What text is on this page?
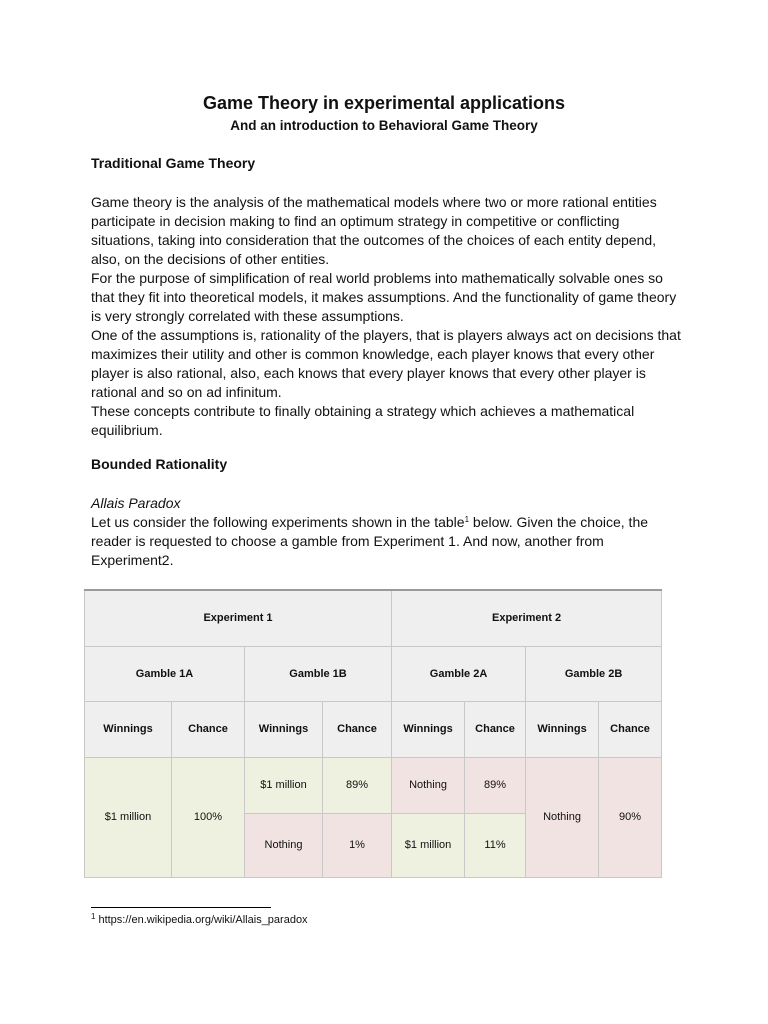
Game Theory in experimental applications
And an introduction to Behavioral Game Theory
Traditional Game Theory

Game theory is the analysis of the mathematical models where two or more rational entities participate in decision making to find an optimum strategy in competitive or conflicting situations, taking into consideration that the outcomes of the choices of each entity depend, also, on the decisions of other entities.

For the purpose of simplification of real world problems into mathematically solvable ones so that they fit into theoretical models, it makes assumptions. And the functionality of game theory is very strongly correlated with these assumptions.

One of the assumptions is, rationality of the players, that is players always act on decisions that maximizes their utility and other is common knowledge, each player knows that every other player is also rational, also, each knows that every player knows that every other player is rational and so on ad infinitum.

These concepts contribute to finally obtaining a strategy which achieves a mathematical equilibrium.

Bounded Rationality

Allais Paradox

Let us consider the following experiments shown in the table$^1$ below. Given the choice, the reader is requested to choose a gamble from Experiment 1. And now, another from Experiment2.

Experiment 1				Experiment 2			
Gamble 1A		Gamble 1B		Gamble 2A		Gamble 2B	
Winnings	Chance	Winnings	Chance	Winnings	Chance	Winnings	Chance
$1 million	100%	$1 million	89%	Nothing	89%	Nothing	90%
		Nothing	1%	$1 million	11%		
$^1$ https://en.wikipedia.org/wiki/Allais_paradox
